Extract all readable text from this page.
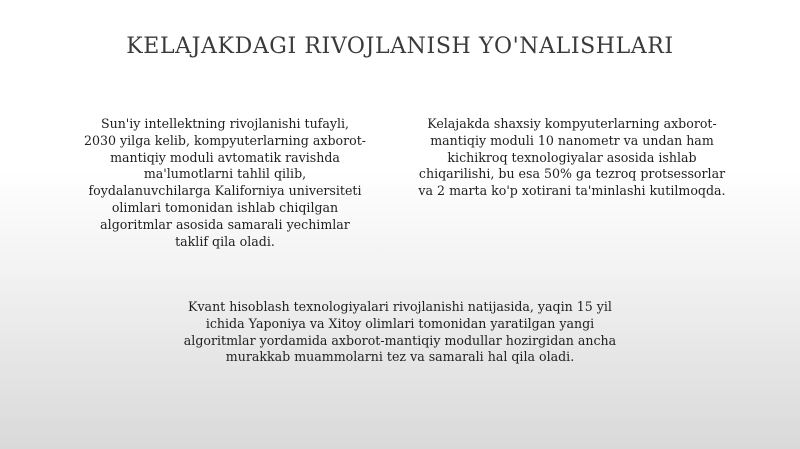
KELAJAKDAGI RIVOJLANISH YO'NALISHLARI
Sun'iy intellektning rivojlanishi tufayli,
2030 yilga kelib, kompyuterlarning axborot-
mantiqiy moduli avtomatik ravishda
ma'lumotlarni tahlil qilib,
foydalanuvchilarga Kaliforniya universiteti
olimlari tomonidan ishlab chiqilgan
algoritmlar asosida samarali yechimlar
taklif qila oladi.
Kelajakda shaxsiy kompyuterlarning axborot-
mantiqiy moduli 10 nanometr va undan ham
kichikroq texnologiyalar asosida ishlab
chiqarilishi, bu esa 50% ga tezroq protsessorlar
va 2 marta ko'p xotirani ta'minlashi kutilmoqda.
Kvant hisoblash texnologiyalari rivojlanishi natijasida, yaqin 15 yil
ichida Yaponiya va Xitoy olimlari tomonidan yaratilgan yangi
algoritmlar yordamida axborot-mantiqiy modullar hozirgidan ancha
murakkab muammolarni tez va samarali hal qila oladi.
